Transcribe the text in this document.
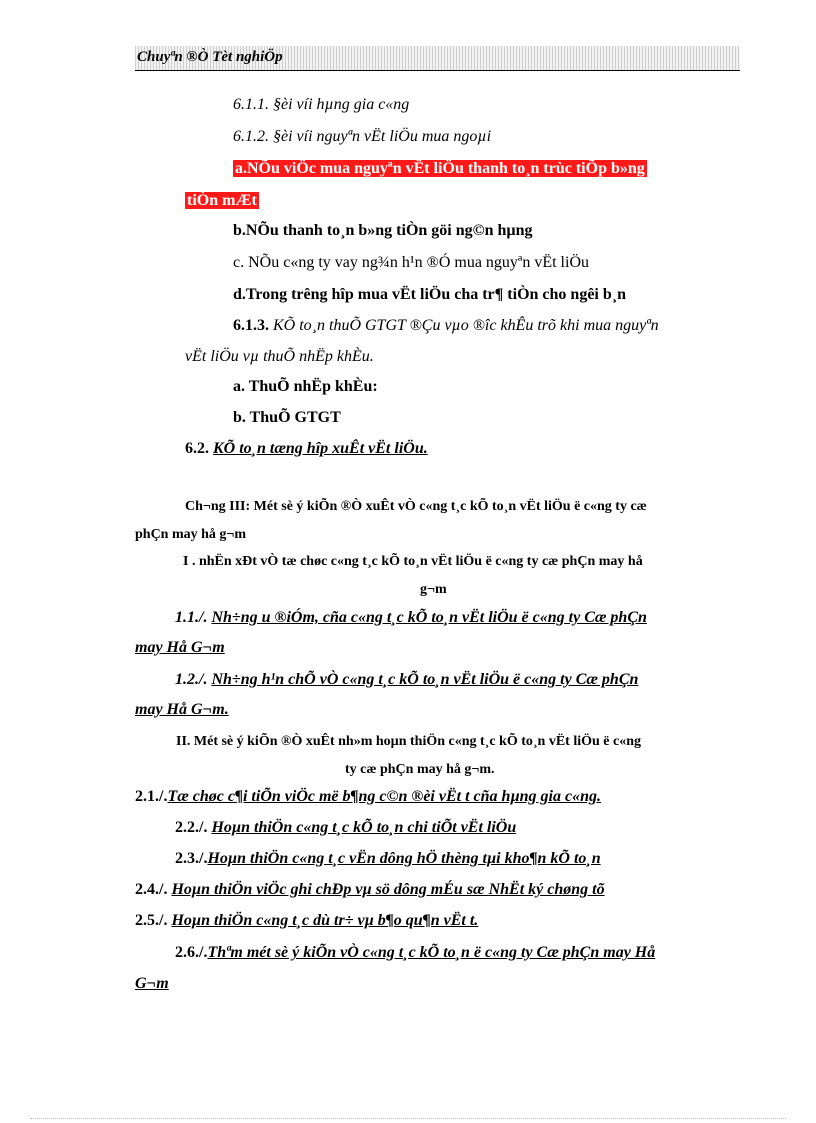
Chuyªn ®Ò Tèt nghiÖp
6.1.1. §èi víi hµng gia c«ng
6.1.2. §èi víi nguyªn vËt liÖu mua ngoµi
a.NÕu viÖc mua nguyªn vËt liÖu thanh to¸n trùc tiÕp b»ng
tiÒn mÆt
b.NÕu thanh to¸n b»ng tiÒn göi ng©n hµng
c. NÕu c«ng ty vay ng¾n h¹n ®Ó mua nguyªn vËt liÖu
d.Trong trêng hîp mua vËt liÖu cha tr¶ tiÒn cho ngêi b¸n
6.1.3. KÕ to¸n thuÕ GTGT ®Çu vµo ®îc khÊu trõ khi mua nguyªn
vËt liÖu vµ thuÕ nhËp khÈu.
a. ThuÕ nhËp khÈu:
b. ThuÕ GTGT
6.2. KÕ to¸n tæng hîp xuÊt vËt liÖu.
Ch¬ng III: Mét sè ý kiÕn ®Ò xuÊt vÒ c«ng t¸c kÕ to¸n vËt liÖu ë c«ng ty cæ
phÇn may hå g¬m
I . nhËn xÐt vÒ tæ chøc c«ng t¸c kÕ to¸n vËt liÖu ë c«ng ty cæ phÇn may hå
g¬m
1.1./. Nh÷ng u ®iÓm, cña c«ng t¸c kÕ to¸n vËt liÖu ë c«ng ty Cæ phÇn
may Hå G¬m
1.2./. Nh÷ng h¹n chÕ vÒ c«ng t¸c kÕ to¸n vËt liÖu ë c«ng ty Cæ phÇn
may Hå G¬m.
II. Mét sè ý kiÕn ®Ò xuÊt nh»m hoµn thiÖn c«ng t¸c kÕ to¸n vËt liÖu ë c«ng
ty cæ phÇn may hå g¬m.
2.1./.Tæ chøc c¶i tiÕn viÖc më b¶ng c©n ®èi vËt t cña hµng gia c«ng.
2.2./. Hoµn thiÖn c«ng t¸c kÕ to¸n chi tiÕt vËt liÖu
2.3./.Hoµn thiÖn c«ng t¸c vËn dông hÖ thèng tµi kho¶n kÕ to¸n
2.4./. Hoµn thiÖn viÖc ghi chÐp vµ sö dông mÉu sæ NhËt ký chøng tõ
2.5./. Hoµn thiÖn c«ng t¸c dù tr÷ vµ b¶o qu¶n vËt t.
2.6./.Thªm mét sè ý kiÕn vÒ c«ng t¸c kÕ to¸n ë c«ng ty Cæ phÇn may Hå
G¬m
